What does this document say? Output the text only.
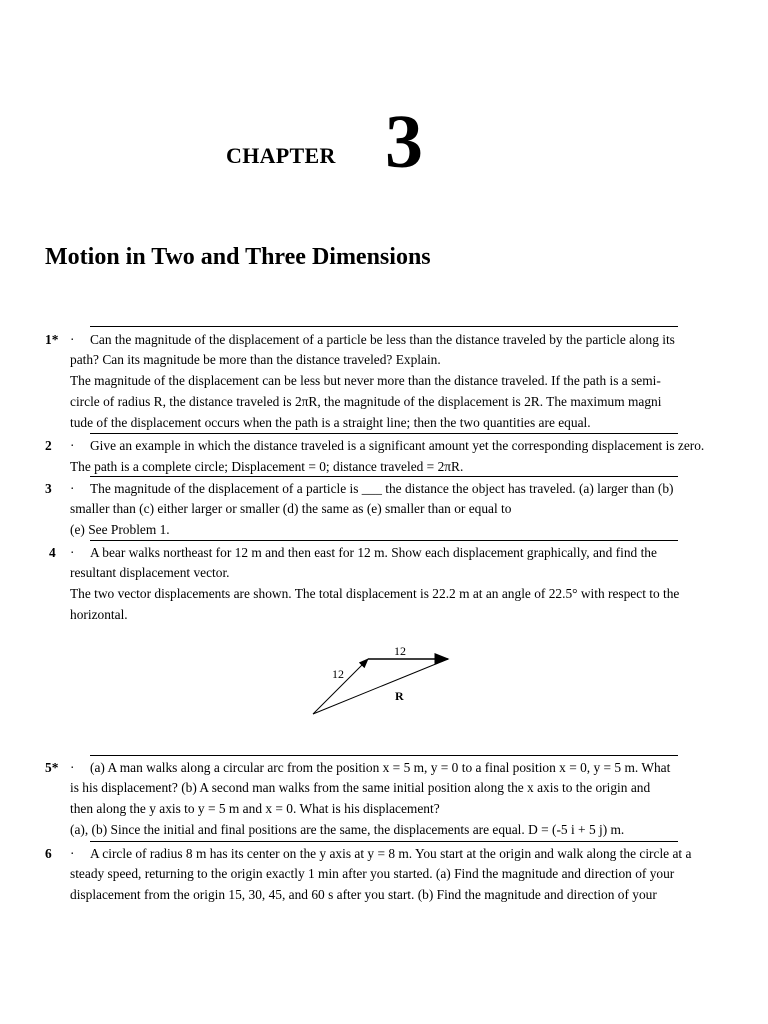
CHAPTER 3
Motion in Two and Three Dimensions
1* · Can the magnitude of the displacement of a particle be less than the distance traveled by the particle along its
path? Can its magnitude be more than the distance traveled? Explain.
The magnitude of the displacement can be less but never more than the distance traveled. If the path is a semi-
circle of radius R, the distance traveled is 2πR, the magnitude of the displacement is 2R. The maximum magni
tude of the displacement occurs when the path is a straight line; then the two quantities are equal.
2 · Give an example in which the distance traveled is a significant amount yet the corresponding displacement is zero.
The path is a complete circle; Displacement = 0; distance traveled = 2πR.
3 · The magnitude of the displacement of a particle is ___ the distance the object has traveled. (a) larger than (b)
smaller than (c) either larger or smaller (d) the same as (e) smaller than or equal to
(e) See Problem 1.
4 · A bear walks northeast for 12 m and then east for 12 m. Show each displacement graphically, and find the
resultant displacement vector.
The two vector displacements are shown. The total displacement is 22.2 m at an angle of 22.5° with respect to the
horizontal.
12
12
R
5* · (a) A man walks along a circular arc from the position x = 5 m, y = 0 to a final position x = 0, y = 5 m. What
is his displacement? (b) A second man walks from the same initial position along the x axis to the origin and
then along the y axis to y = 5 m and x = 0. What is his displacement?
(a), (b) Since the initial and final positions are the same, the displacements are equal. D = (-5 i + 5 j) m.
6 · A circle of radius 8 m has its center on the y axis at y = 8 m. You start at the origin and walk along the circle at a
steady speed, returning to the origin exactly 1 min after you started. (a) Find the magnitude and direction of your
displacement from the origin 15, 30, 45, and 60 s after you start. (b) Find the magnitude and direction of your
